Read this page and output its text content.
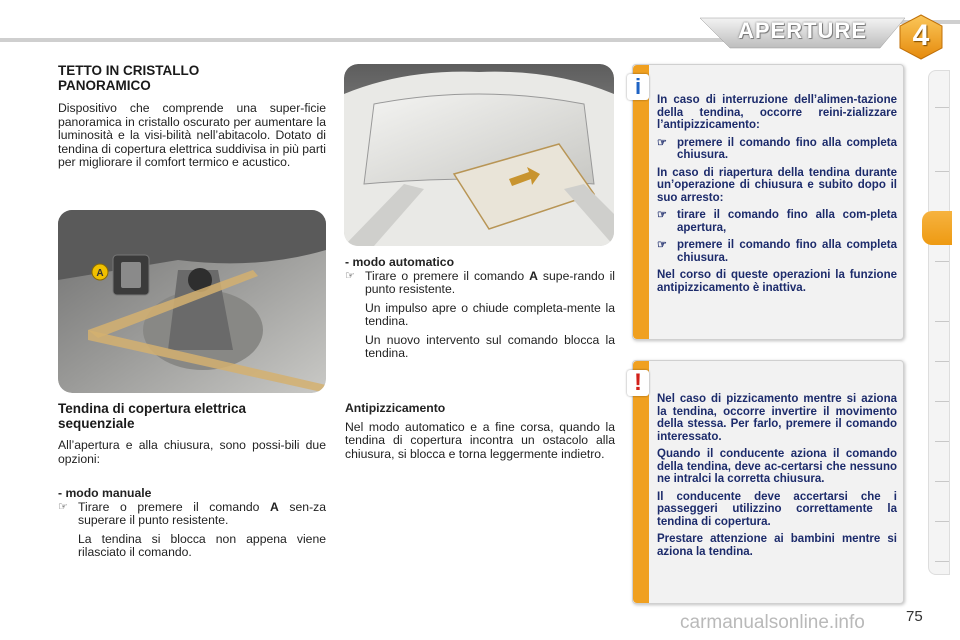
APERTURE	4
TETTO IN CRISTALLO
PANORAMICO

Dispositivo che comprende una super-ficie panoramica in cristallo oscurato per aumentare la luminosità e la visi-bilità nell’abitacolo. Dotato di tendina di copertura elettrica suddivisa in più parti per migliorare il comfort termico e acustico.

A
Tendina di copertura elettrica
sequenziale

All’apertura e alla chiusura, sono possi-bili due opzioni:

- modo manuale

☞ Tirare o premere il comando A sen-za superare il punto resistente.

La tendina si blocca non appena viene rilasciato il comando.

- modo automatico

☞ Tirare o premere il comando A supe-rando il punto resistente.

Un impulso apre o chiude completa-mente la tendina.

Un nuovo intervento sul comando blocca la tendina.

Antipizzicamento

Nel modo automatico e a fine corsa, quando la tendina di copertura incontra un ostacolo alla chiusura, si blocca e torna leggermente indietro.

i

In caso di interruzione dell’alimen-tazione della tendina, occorre reini-zializzare l’antipizzicamento:

☞ premere il comando fino alla completa chiusura.

In caso di riapertura della tendina durante un’operazione di chiusura e subito dopo il suo arresto:

☞ tirare il comando fino alla com-pleta apertura,
☞ premere il comando fino alla completa chiusura.

Nel corso di queste operazioni la funzione antipizzicamento è inattiva.

!

Nel caso di pizzicamento mentre si aziona la tendina, occorre invertire il movimento della stessa. Per farlo, premere il comando interessato.

Quando il conducente aziona il comando della tendina, deve ac-certarsi che nessuno ne intralci la corretta chiusura.

Il conducente deve accertarsi che i passeggeri utilizzino correttamente la tendina di copertura.

Prestare attenzione ai bambini mentre si aziona la tendina.

carmanualsonline.info	75
